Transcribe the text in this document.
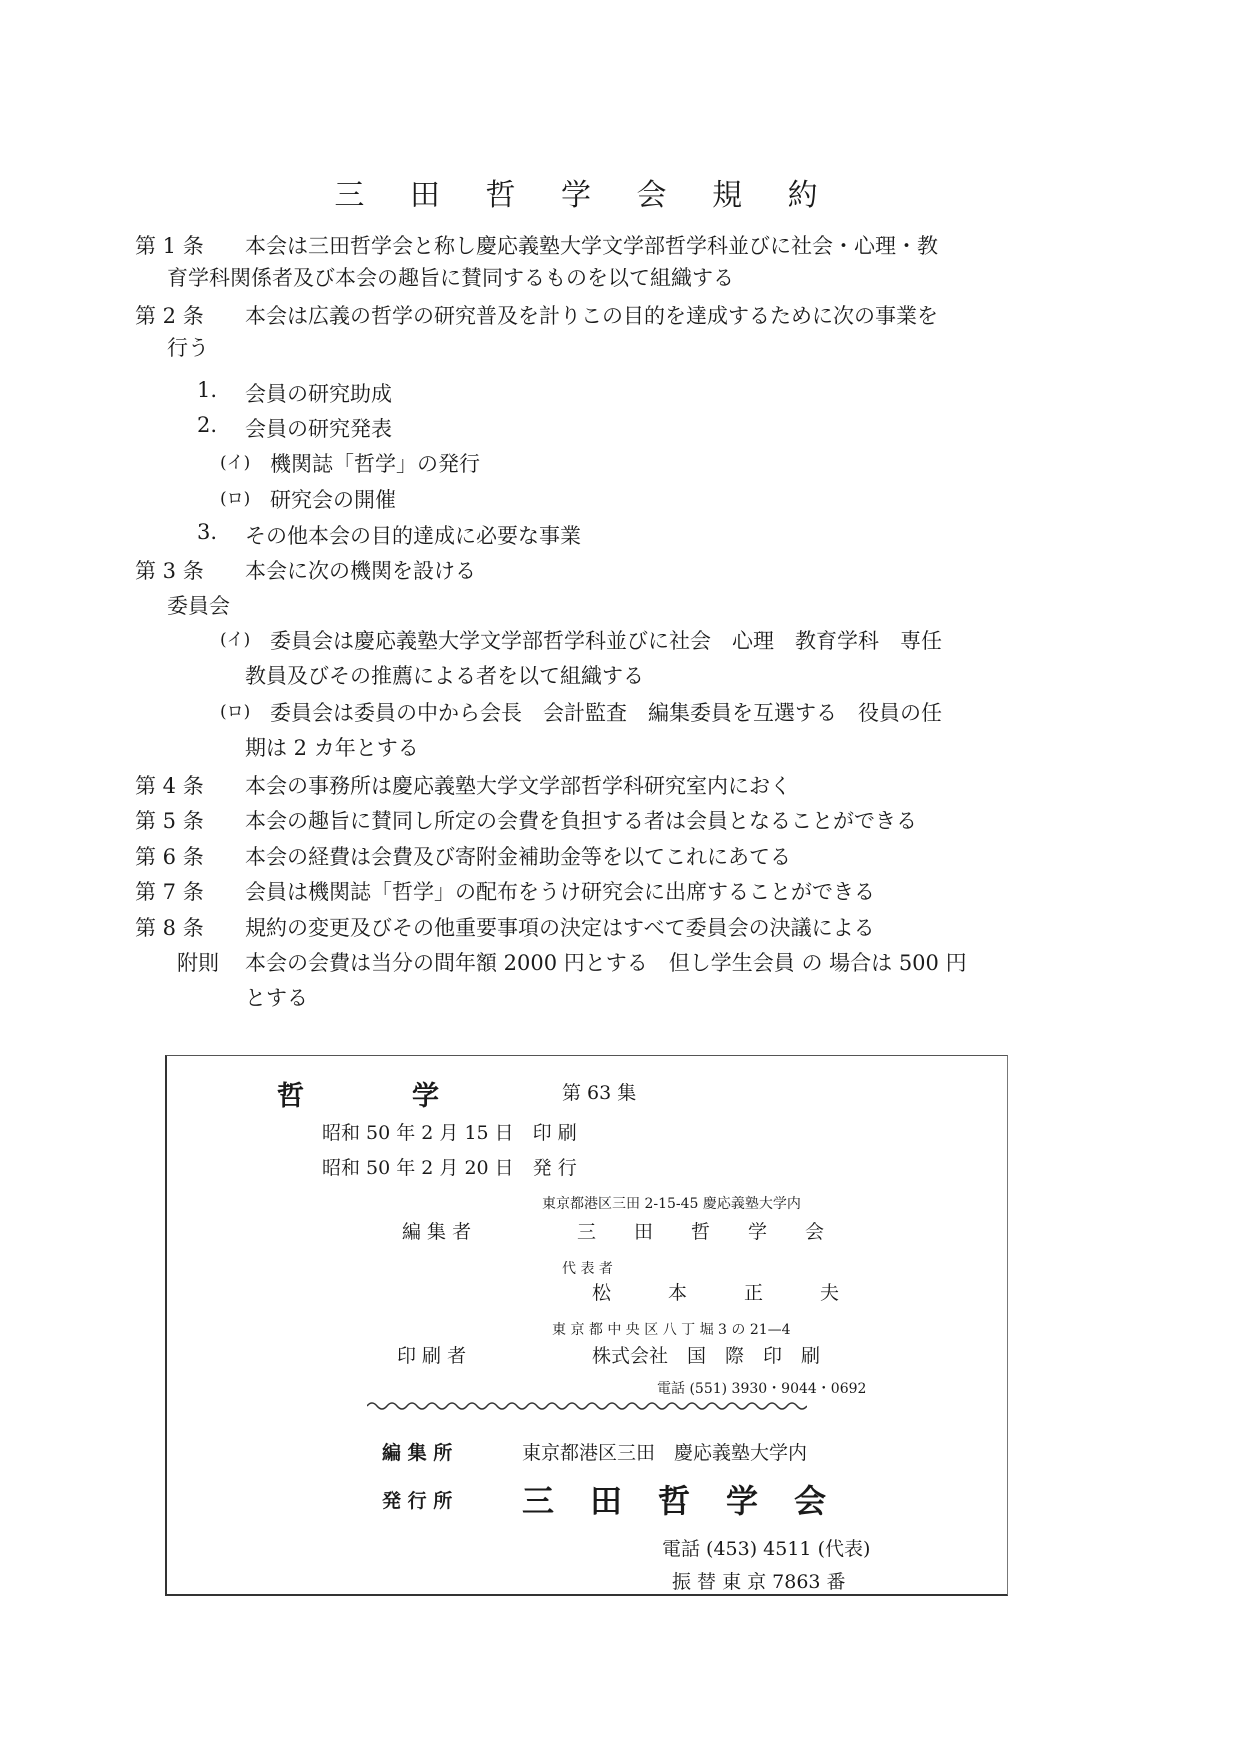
三 田 哲 学 会 規 約
第 1 条 本会は三田哲学会と称し慶応義塾大学文学部哲学科並びに社会・心理・教
育学科関係者及び本会の趣旨に賛同するものを以て組織する
第 2 条 本会は広義の哲学の研究普及を計りこの目的を達成するために次の事業を
行う
1. 会員の研究助成
2. 会員の研究発表
(イ) 機関誌「哲学」の発行
(ロ) 研究会の開催
3. その他本会の目的達成に必要な事業
第 3 条 本会に次の機関を設ける
委員会
(イ) 委員会は慶応義塾大学文学部哲学科並びに社会　心理　教育学科　専任
教員及びその推薦による者を以て組織する
(ロ) 委員会は委員の中から会長　会計監査　編集委員を互選する　役員の任
期は 2 カ年とする
第 4 条 本会の事務所は慶応義塾大学文学部哲学科研究室内におく
第 5 条 本会の趣旨に賛同し所定の会費を負担する者は会員となることができる
第 6 条 本会の経費は会費及び寄附金補助金等を以てこれにあてる
第 7 条 会員は機関誌「哲学」の配布をうけ研究会に出席することができる
第 8 条 規約の変更及びその他重要事項の決定はすべて委員会の決議による
附則 本会の会費は当分の間年額 2000 円とする　但し学生会員 の 場合は 500 円
とする
哲	学	第 63 集
昭和 50 年 2 月 15 日　印 刷
昭和 50 年 2 月 20 日　発 行
東京都港区三田 2-15-45 慶応義塾大学内
編 集 者	三　　田　　哲　　学　　会
代 表 者
松　　　本　　　正　　　夫
東 京 都 中 央 区 八 丁 堀 3 の 21—4
印 刷 者	株式会社　国　際　印　刷
電話 (551) 3930・9044・0692
編 集 所	東京都港区三田　慶応義塾大学内
発 行 所 三田哲学会
電話 (453) 4511 (代表)
振 替 東 京 7863 番
